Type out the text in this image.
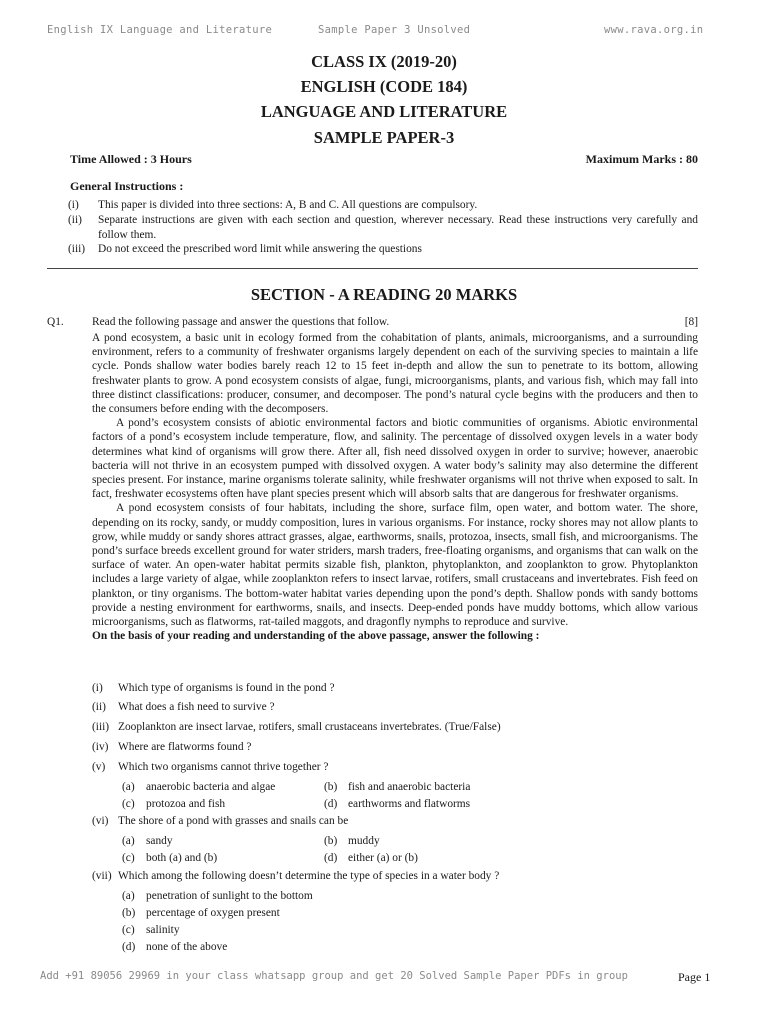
English IX Language and Literature	Sample Paper 3 Unsolved	www.rava.org.in
CLASS IX (2019-20)
ENGLISH (CODE 184)
LANGUAGE AND LITERATURE
SAMPLE PAPER-3
Time Allowed : 3 Hours	Maximum Marks : 80
General Instructions :
(i) This paper is divided into three sections: A, B and C. All questions are compulsory.
(ii) Separate instructions are given with each section and question, wherever necessary. Read these instructions very carefully and follow them.
(iii) Do not exceed the prescribed word limit while answering the questions
SECTION - A READING 20 MARKS
Q1. Read the following passage and answer the questions that follow.	[8]

A pond ecosystem, a basic unit in ecology formed from the cohabitation of plants, animals, microorganisms, and a surrounding environment, refers to a community of freshwater organisms largely dependent on each of the surviving species to maintain a life cycle. Ponds shallow water bodies barely reach 12 to 15 feet in-depth and allow the sun to penetrate to its bottom, allowing freshwater plants to grow. A pond ecosystem consists of algae, fungi, microorganisms, plants, and various fish, which may fall into three distinct classifications: producer, consumer, and decomposer. The pond’s natural cycle begins with the producers and then to the consumers before ending with the decomposers.

A pond’s ecosystem consists of abiotic environmental factors and biotic communities of organisms. Abiotic environmental factors of a pond’s ecosystem include temperature, flow, and salinity. The percentage of dissolved oxygen levels in a water body determines what kind of organisms will grow there. After all, fish need dissolved oxygen in order to survive; however, anaerobic bacteria will not thrive in an ecosystem pumped with dissolved oxygen. A water body’s salinity may also determine the different species present. For instance, marine organisms tolerate salinity, while freshwater organisms will not thrive when exposed to salt. In fact, freshwater ecosystems often have plant species present which will absorb salts that are dangerous for freshwater organisms.

A pond ecosystem consists of four habitats, including the shore, surface film, open water, and bottom water. The shore, depending on its rocky, sandy, or muddy composition, lures in various organisms. For instance, rocky shores may not allow plants to grow, while muddy or sandy shores attract grasses, algae, earthworms, snails, protozoa, insects, small fish, and microorganisms. The pond’s surface breeds excellent ground for water striders, marsh traders, free-floating organisms, and organisms that can walk on the surface of water. An open-water habitat permits sizable fish, plankton, phytoplankton, and zooplankton to grow. Phytoplankton includes a large variety of algae, while zooplankton refers to insect larvae, rotifers, small crustaceans and invertebrates. Fish feed on plankton, or tiny organisms. The bottom-water habitat varies depending upon the pond’s depth. Shallow ponds with sandy bottoms provide a nesting environment for earthworms, snails, and insects. Deep-ended ponds have muddy bottoms, which allow various microorganisms, such as flatworms, rat-tailed maggots, and dragonfly nymphs to reproduce and survive.

On the basis of your reading and understanding of the above passage, answer the following :

(i) Which type of organisms is found in the pond ?
(ii) What does a fish need to survive ?
(iii) Zooplankton are insect larvae, rotifers, small crustaceans invertebrates. (True/False)
(iv) Where are flatworms found ?
(v) Which two organisms cannot thrive together ?
(a) anaerobic bacteria and algae	(b) fish and anaerobic bacteria
(c) protozoa and fish	(d) earthworms and flatworms
(vi) The shore of a pond with grasses and snails can be
(a) sandy	(b) muddy
(c) both (a) and (b)	(d) either (a) or (b)
(vii) Which among the following doesn’t determine the type of species in a water body ?
(a) penetration of sunlight to the bottom
(b) percentage of oxygen present
(c) salinity
(d) none of the above
Add +91 89056 29969 in your class whatsapp group and get 20 Solved Sample Paper PDFs in group	Page 1
